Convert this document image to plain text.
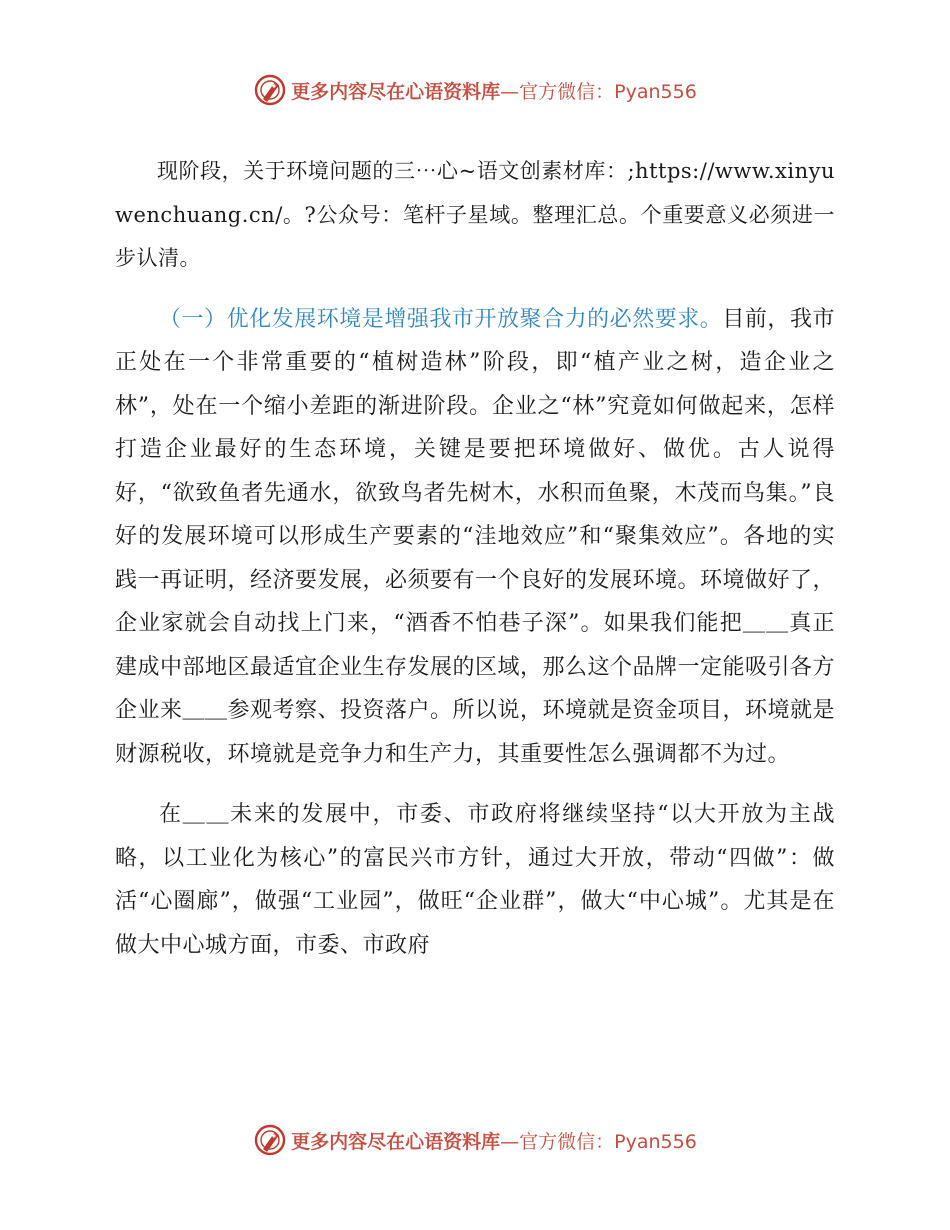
更多内容尽在心语资料库—官方微信：Pyan556

现阶段，关于环境问题的三⋯心~语文创素材库：;https://www.xinyuwenchuang.cn/。?公众号：笔杆子星域。整理汇总。个重要意义必须进一步认清。

（一）优化发展环境是增强我市开放聚合力的必然要求。目前，我市正处在一个非常重要的“植树造林”阶段，即“植产业之树，造企业之林”，处在一个缩小差距的渐进阶段。企业之“林”究竟如何做起来，怎样打造企业最好的生态环境，关键是要把环境做好、做优。古人说得好，“欲致鱼者先通水，欲致鸟者先树木，水积而鱼聚，木茂而鸟集。”良好的发展环境可以形成生产要素的“洼地效应”和“聚集效应”。各地的实践一再证明，经济要发展，必须要有一个良好的发展环境。环境做好了，企业家就会自动找上门来，“酒香不怕巷子深”。如果我们能把＿＿真正建成中部地区最适宜企业生存发展的区域，那么这个品牌一定能吸引各方企业来＿＿参观考察、投资落户。所以说，环境就是资金项目，环境就是财源税收，环境就是竞争力和生产力，其重要性怎么强调都不为过。

在＿＿未来的发展中，市委、市政府将继续坚持“以大开放为主战略，以工业化为核心”的富民兴市方针，通过大开放，带动“四做”：做活“心圈廊”，做强“工业园”，做旺“企业群”，做大“中心城”。尤其是在做大中心城方面，市委、市政府

更多内容尽在心语资料库—官方微信：Pyan556
